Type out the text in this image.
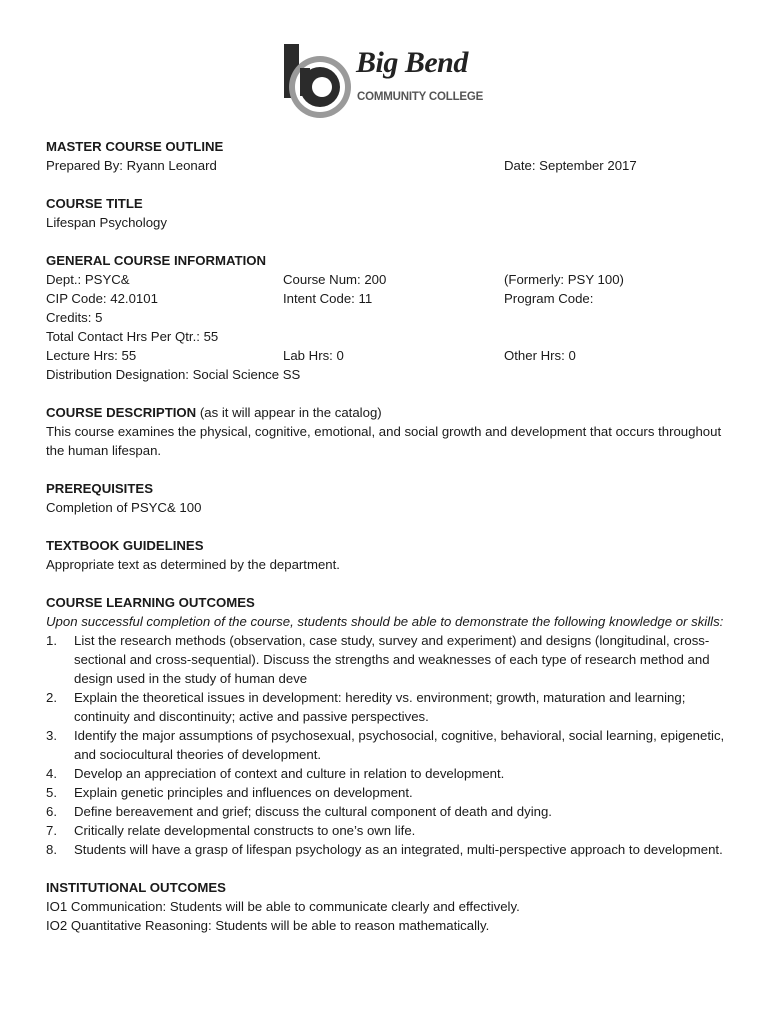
Big Bend
COMMUNITY COLLEGE
MASTER COURSE OUTLINE
Prepared By: Ryann Leonard	Date: September 2017
COURSE TITLE
Lifespan Psychology
GENERAL COURSE INFORMATION
Dept.: PSYC&	Course Num: 200	(Formerly: PSY 100)
CIP Code: 42.0101	Intent Code: 11	Program Code:
Credits: 5
Total Contact Hrs Per Qtr.: 55
Lecture Hrs: 55	Lab Hrs: 0	Other Hrs: 0
Distribution Designation: Social Science SS
COURSE DESCRIPTION (as it will appear in the catalog)
This course examines the physical, cognitive, emotional, and social growth and development that occurs throughout the human lifespan.
PREREQUISITES
Completion of PSYC& 100
TEXTBOOK GUIDELINES
Appropriate text as determined by the department.
COURSE LEARNING OUTCOMES
Upon successful completion of the course, students should be able to demonstrate the following knowledge or skills:
1. List the research methods (observation, case study, survey and experiment) and designs (longitudinal, cross-sectional and cross-sequential). Discuss the strengths and weaknesses of each type of research method and design used in the study of human deve
2. Explain the theoretical issues in development: heredity vs. environment; growth, maturation and learning; continuity and discontinuity; active and passive perspectives.
3. Identify the major assumptions of psychosexual, psychosocial, cognitive, behavioral, social learning, epigenetic, and sociocultural theories of development.
4. Develop an appreciation of context and culture in relation to development.
5. Explain genetic principles and influences on development.
6. Define bereavement and grief; discuss the cultural component of death and dying.
7. Critically relate developmental constructs to one’s own life.
8. Students will have a grasp of lifespan psychology as an integrated, multi-perspective approach to development.
INSTITUTIONAL OUTCOMES
IO1 Communication: Students will be able to communicate clearly and effectively.
IO2 Quantitative Reasoning: Students will be able to reason mathematically.
